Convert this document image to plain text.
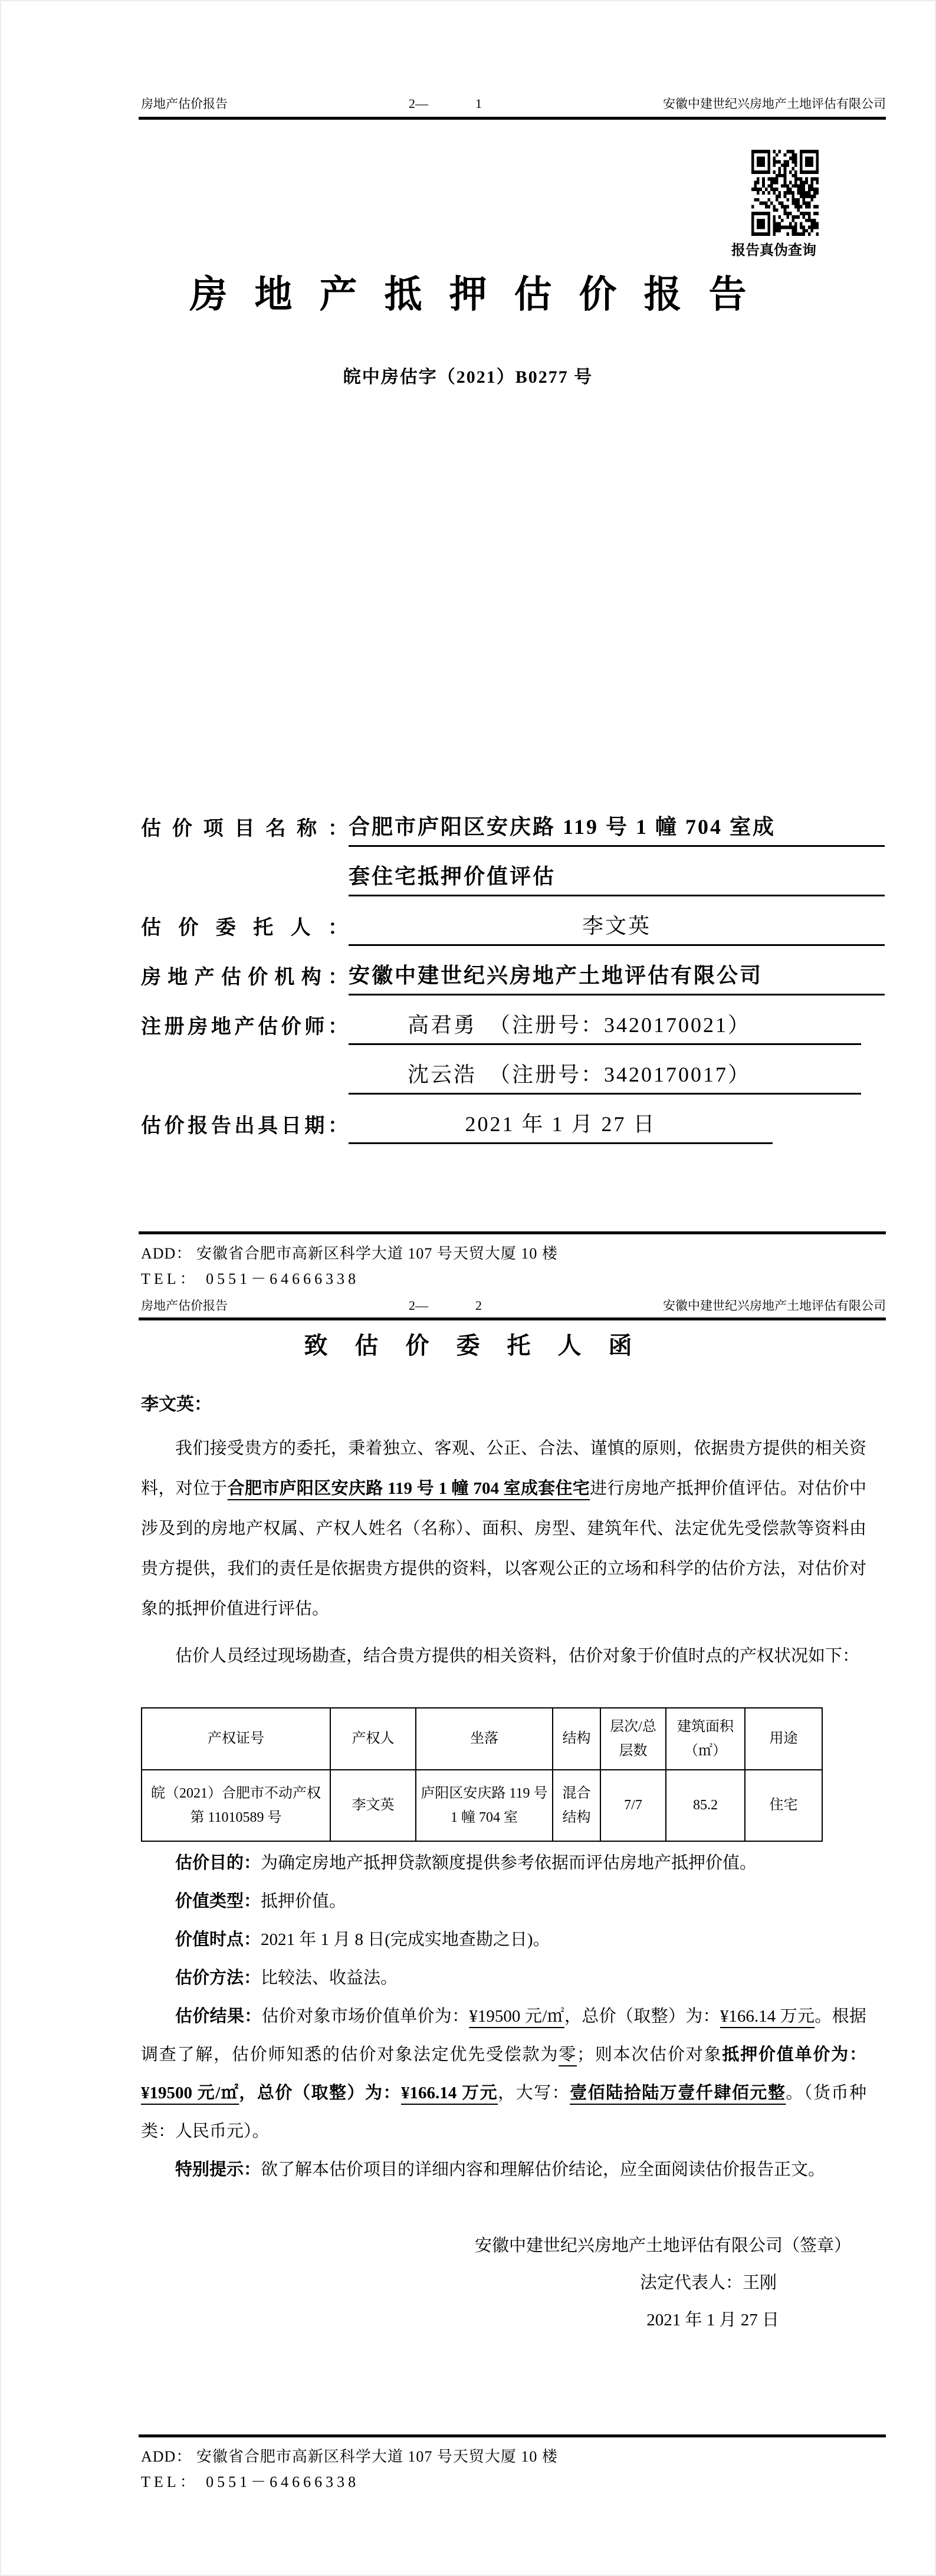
房地产估价报告	2—	1	安徽中建世纪兴房地产土地评估有限公司
报告真伪查询
房地产抵押估价报告
皖中房估字（2021）B0277 号
估价项目名称： 合肥市庐阳区安庆路 119 号 1 幢 704 室成
套住宅抵押价值评估
估价委托人：	李文英
房地产估价机构： 安徽中建世纪兴房地产土地评估有限公司
注册房地产估价师：	高君勇　（注册号：3420170021）
沈云浩　（注册号：3420170017）
估价报告出具日期：	2021 年 1 月 27 日
ADD： 安徽省合肥市高新区科学大道 107 号天贸大厦 10 楼
TEL： 0551－64666338
房地产估价报告	2—	2	安徽中建世纪兴房地产土地评估有限公司
致估价委托人函
李文英：

我们接受贵方的委托，秉着独立、客观、公正、合法、谨慎的原则，依据贵方提供的相关资料，对位于合肥市庐阳区安庆路 119 号 1 幢 704 室成套住宅进行房地产抵押价值评估。对估价中涉及到的房地产权属、产权人姓名（名称）、面积、房型、建筑年代、法定优先受偿款等资料由贵方提供，我们的责任是依据贵方提供的资料，以客观公正的立场和科学的估价方法，对估价对象的抵押价值进行评估。

估价人员经过现场勘查，结合贵方提供的相关资料，估价对象于价值时点的产权状况如下：

产权证号	产权人	坐落	结构	层次/总层数	建筑面积（㎡）	用途
皖（2021）合肥市不动产权第 11010589 号	李文英	庐阳区安庆路 119 号 1 幢 704 室	混合结构	7/7	85.2	住宅

估价目的：为确定房地产抵押贷款额度提供参考依据而评估房地产抵押价值。

价值类型：抵押价值。

价值时点：2021 年 1 月 8 日(完成实地查勘之日)。

估价方法：比较法、收益法。

估价结果：估价对象市场价值单价为：¥19500 元/㎡，总价（取整）为：¥166.14 万元。根据调查了解，估价师知悉的估价对象法定优先受偿款为零；则本次估价对象抵押价值单价为：¥19500 元/㎡，总价（取整）为：¥166.14 万元，大写：壹佰陆拾陆万壹仟肆佰元整。（货币种类：人民币元）。

特别提示：欲了解本估价项目的详细内容和理解估价结论，应全面阅读估价报告正文。

安徽中建世纪兴房地产土地评估有限公司（签章）
法定代表人：王刚
2021 年 1 月 27 日
ADD： 安徽省合肥市高新区科学大道 107 号天贸大厦 10 楼
TEL： 0551－64666338
